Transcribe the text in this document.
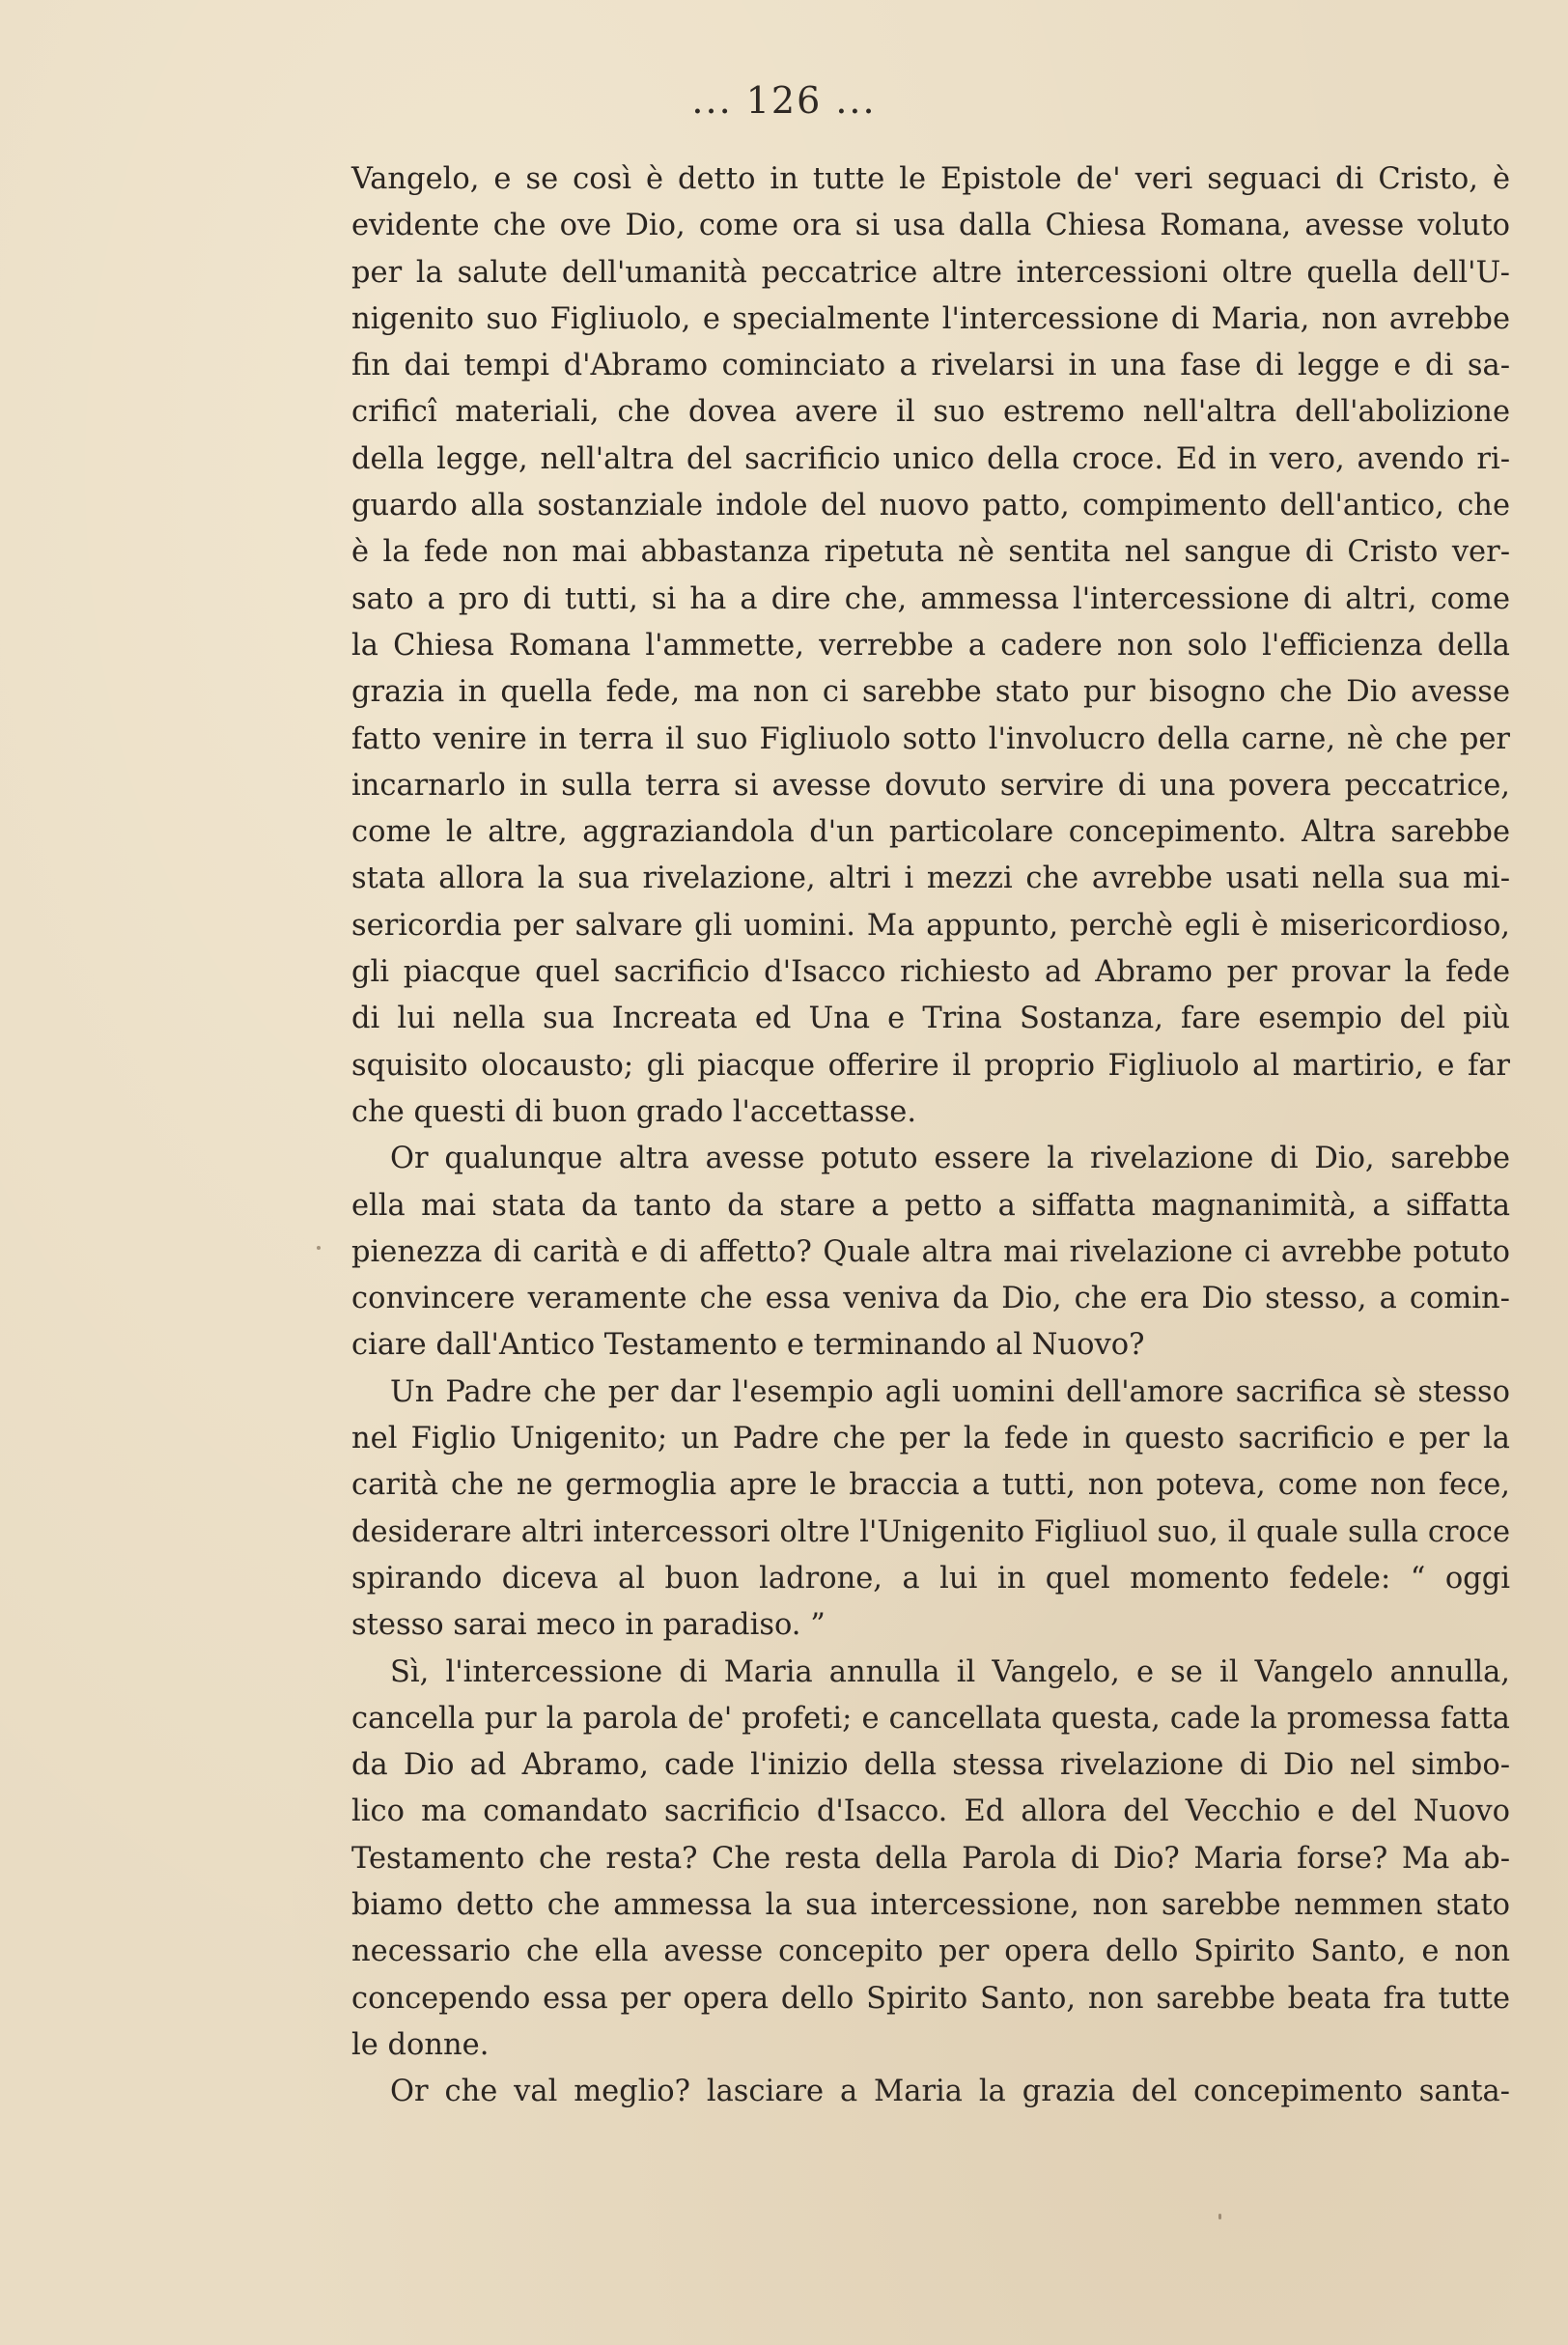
... 126 ...
Vangelo, e se così è detto in tutte le Epistole de' veri seguaci di Cristo, è
evidente che ove Dio, come ora si usa dalla Chiesa Romana, avesse voluto
per la salute dell'umanità peccatrice altre intercessioni oltre quella dell'U-
nigenito suo Figliuolo, e specialmente l'intercessione di Maria, non avrebbe
fin dai tempi d'Abramo cominciato a rivelarsi in una fase di legge e di sa-
crificî materiali, che dovea avere il suo estremo nell'altra dell'abolizione
della legge, nell'altra del sacrificio unico della croce. Ed in vero, avendo ri-
guardo alla sostanziale indole del nuovo patto, compimento dell'antico, che
è la fede non mai abbastanza ripetuta nè sentita nel sangue di Cristo ver-
sato a pro di tutti, si ha a dire che, ammessa l'intercessione di altri, come
la Chiesa Romana l'ammette, verrebbe a cadere non solo l'efficienza della
grazia in quella fede, ma non ci sarebbe stato pur bisogno che Dio avesse
fatto venire in terra il suo Figliuolo sotto l'involucro della carne, nè che per
incarnarlo in sulla terra si avesse dovuto servire di una povera peccatrice,
come le altre, aggraziandola d'un particolare concepimento. Altra sarebbe
stata allora la sua rivelazione, altri i mezzi che avrebbe usati nella sua mi-
sericordia per salvare gli uomini. Ma appunto, perchè egli è misericordioso,
gli piacque quel sacrificio d'Isacco richiesto ad Abramo per provar la fede
di lui nella sua Increata ed Una e Trina Sostanza, fare esempio del più
squisito olocausto; gli piacque offerire il proprio Figliuolo al martirio, e far
che questi di buon grado l'accettasse.
Or qualunque altra avesse potuto essere la rivelazione di Dio, sarebbe
ella mai stata da tanto da stare a petto a siffatta magnanimità, a siffatta
pienezza di carità e di affetto? Quale altra mai rivelazione ci avrebbe potuto
convincere veramente che essa veniva da Dio, che era Dio stesso, a comin-
ciare dall'Antico Testamento e terminando al Nuovo?
Un Padre che per dar l'esempio agli uomini dell'amore sacrifica sè stesso
nel Figlio Unigenito; un Padre che per la fede in questo sacrificio e per la
carità che ne germoglia apre le braccia a tutti, non poteva, come non fece,
desiderare altri intercessori oltre l'Unigenito Figliuol suo, il quale sulla croce
spirando diceva al buon ladrone, a lui in quel momento fedele: “ oggi
stesso sarai meco in paradiso. ”
Sì, l'intercessione di Maria annulla il Vangelo, e se il Vangelo annulla,
cancella pur la parola de' profeti; e cancellata questa, cade la promessa fatta
da Dio ad Abramo, cade l'inizio della stessa rivelazione di Dio nel simbo-
lico ma comandato sacrificio d'Isacco. Ed allora del Vecchio e del Nuovo
Testamento che resta? Che resta della Parola di Dio? Maria forse? Ma ab-
biamo detto che ammessa la sua intercessione, non sarebbe nemmen stato
necessario che ella avesse concepito per opera dello Spirito Santo, e non
concependo essa per opera dello Spirito Santo, non sarebbe beata fra tutte
le donne.
Or che val meglio? lasciare a Maria la grazia del concepimento santa-
